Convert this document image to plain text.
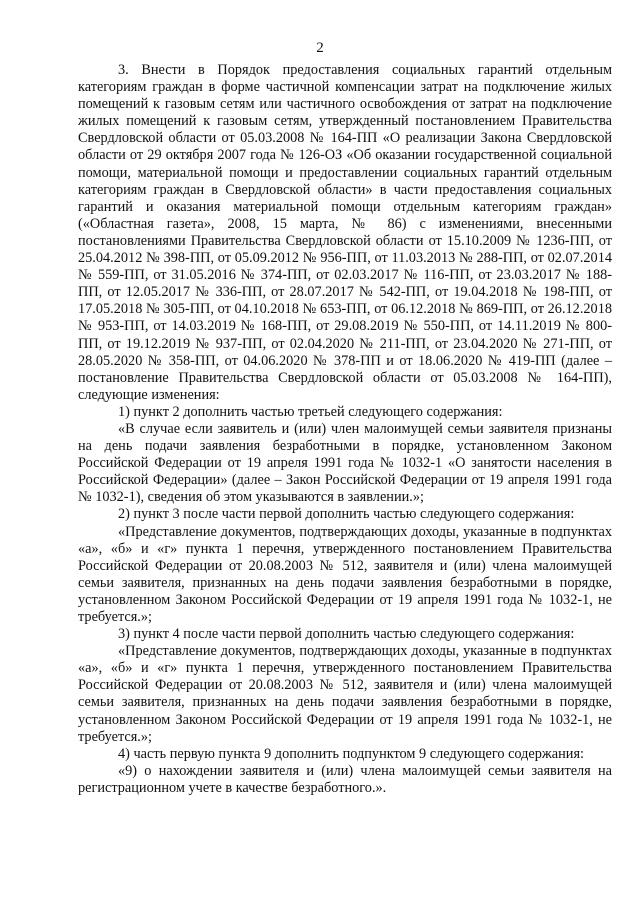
2

3. Внести в Порядок предоставления социальных гарантий отдельным категориям граждан в форме частичной компенсации затрат на подключение жилых помещений к газовым сетям или частичного освобождения от затрат на подключение жилых помещений к газовым сетям, утвержденный постановлением Правительства Свердловской области от 05.03.2008 № 164-ПП «О реализации Закона Свердловской области от 29 октября 2007 года № 126-ОЗ «Об оказании государственной социальной помощи, материальной помощи и предоставлении социальных гарантий отдельным категориям граждан в Свердловской области» в части предоставления социальных гарантий и оказания материальной помощи отдельным категориям граждан» («Областная газета», 2008, 15 марта, № 86) с изменениями, внесенными постановлениями Правительства Свердловской области от 15.10.2009 № 1236-ПП, от 25.04.2012 № 398-ПП, от 05.09.2012 № 956-ПП, от 11.03.2013 № 288-ПП, от 02.07.2014 № 559-ПП, от 31.05.2016 № 374-ПП, от 02.03.2017 № 116-ПП, от 23.03.2017 № 188-ПП, от 12.05.2017 № 336-ПП, от 28.07.2017 № 542-ПП, от 19.04.2018 № 198-ПП, от 17.05.2018 № 305-ПП, от 04.10.2018 № 653-ПП, от 06.12.2018 № 869-ПП, от 26.12.2018 № 953-ПП, от 14.03.2019 № 168-ПП, от 29.08.2019 № 550-ПП, от 14.11.2019 № 800-ПП, от 19.12.2019 № 937-ПП, от 02.04.2020 № 211-ПП, от 23.04.2020 № 271-ПП, от 28.05.2020 № 358-ПП, от 04.06.2020 № 378-ПП и от 18.06.2020 № 419-ПП (далее – постановление Правительства Свердловской области от 05.03.2008 № 164-ПП), следующие изменения:

1) пункт 2 дополнить частью третьей следующего содержания:

«В случае если заявитель и (или) член малоимущей семьи заявителя признаны на день подачи заявления безработными в порядке, установленном Законом Российской Федерации от 19 апреля 1991 года № 1032-1 «О занятости населения в Российской Федерации» (далее – Закон Российской Федерации от 19 апреля 1991 года № 1032-1), сведения об этом указываются в заявлении.»;

2) пункт 3 после части первой дополнить частью следующего содержания:

«Представление документов, подтверждающих доходы, указанные в подпунктах «а», «б» и «г» пункта 1 перечня, утвержденного постановлением Правительства Российской Федерации от 20.08.2003 № 512, заявителя и (или) члена малоимущей семьи заявителя, признанных на день подачи заявления безработными в порядке, установленном Законом Российской Федерации от 19 апреля 1991 года № 1032-1, не требуется.»;

3) пункт 4 после части первой дополнить частью следующего содержания:

«Представление документов, подтверждающих доходы, указанные в подпунктах «а», «б» и «г» пункта 1 перечня, утвержденного постановлением Правительства Российской Федерации от 20.08.2003 № 512, заявителя и (или) члена малоимущей семьи заявителя, признанных на день подачи заявления безработными в порядке, установленном Законом Российской Федерации от 19 апреля 1991 года № 1032-1, не требуется.»;

4) часть первую пункта 9 дополнить подпунктом 9 следующего содержания:

«9) о нахождении заявителя и (или) члена малоимущей семьи заявителя на регистрационном учете в качестве безработного.».
